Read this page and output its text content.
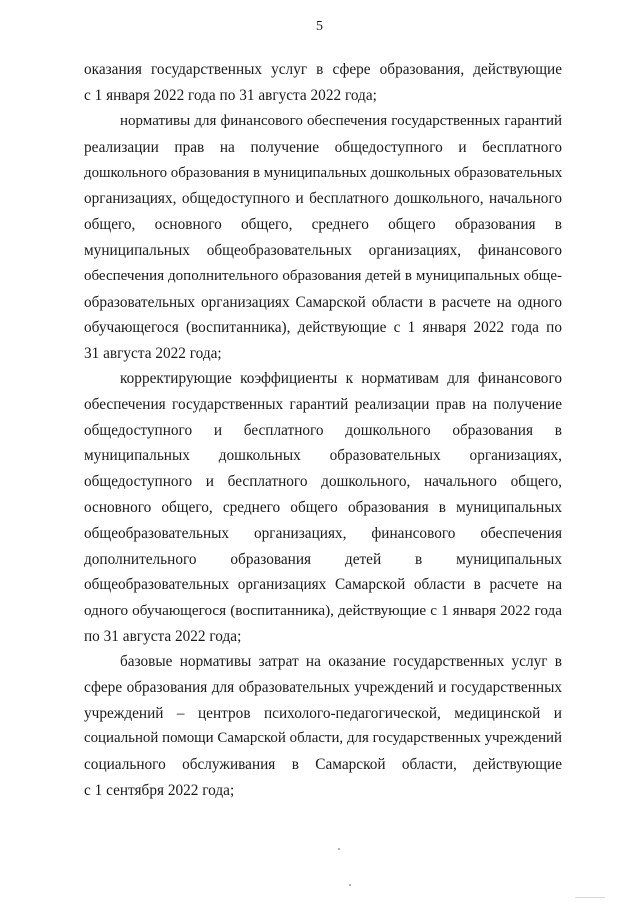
5

оказания государственных услуг в сфере образования, действующие
с 1 января 2022 года по 31 августа 2022 года;

нормативы для финансового обеспечения государственных гарантий
реализации прав на получение общедоступного и бесплатного
дошкольного образования в муниципальных дошкольных образовательных
организациях, общедоступного и бесплатного дошкольного, начального
общего, основного общего, среднего общего образования в
муниципальных общеобразовательных организациях, финансового
обеспечения дополнительного образования детей в муниципальных обще-
образовательных организациях Самарской области в расчете на одного
обучающегося (воспитанника), действующие с 1 января 2022 года по
31 августа 2022 года;

корректирующие коэффициенты к нормативам для финансового
обеспечения государственных гарантий реализации прав на получение
общедоступного и бесплатного дошкольного образования в
муниципальных дошкольных образовательных организациях,
общедоступного и бесплатного дошкольного, начального общего,
основного общего, среднего общего образования в муниципальных
общеобразовательных организациях, финансового обеспечения
дополнительного образования детей в муниципальных
общеобразовательных организациях Самарской области в расчете на
одного обучающегося (воспитанника), действующие с 1 января 2022 года
по 31 августа 2022 года;

базовые нормативы затрат на оказание государственных услуг в
сфере образования для образовательных учреждений и государственных
учреждений – центров психолого-педагогической, медицинской и
социальной помощи Самарской области, для государственных учреждений
социального обслуживания в Самарской области, действующие
с 1 сентября 2022 года;
